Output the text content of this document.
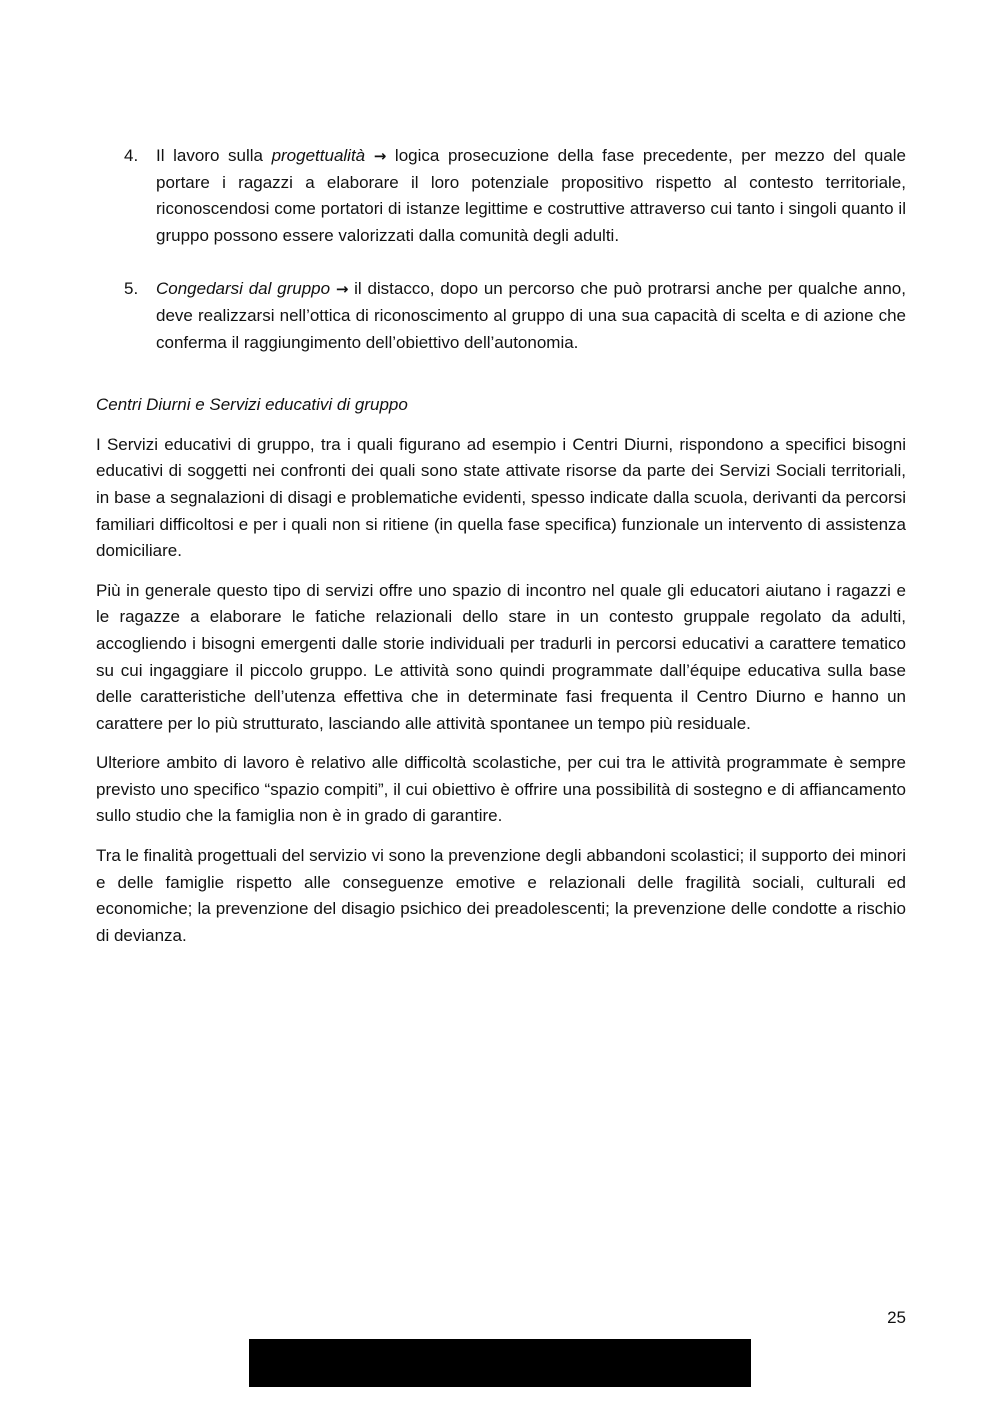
4. Il lavoro sulla progettualità → logica prosecuzione della fase precedente, per mezzo del quale portare i ragazzi a elaborare il loro potenziale propositivo rispetto al contesto territoriale, riconoscendosi come portatori di istanze legittime e costruttive attraverso cui tanto i singoli quanto il gruppo possono essere valorizzati dalla comunità degli adulti.
5. Congedarsi dal gruppo → il distacco, dopo un percorso che può protrarsi anche per qualche anno, deve realizzarsi nell’ottica di riconoscimento al gruppo di una sua capacità di scelta e di azione che conferma il raggiungimento dell’obiettivo dell’autonomia.
Centri Diurni e Servizi educativi di gruppo

I Servizi educativi di gruppo, tra i quali figurano ad esempio i Centri Diurni, rispondono a specifici bisogni educativi di soggetti nei confronti dei quali sono state attivate risorse da parte dei Servizi Sociali territoriali, in base a segnalazioni di disagi e problematiche evidenti, spesso indicate dalla scuola, derivanti da percorsi familiari difficoltosi e per i quali non si ritiene (in quella fase specifica) funzionale un intervento di assistenza domiciliare.

Più in generale questo tipo di servizi offre uno spazio di incontro nel quale gli educatori aiutano i ragazzi e le ragazze a elaborare le fatiche relazionali dello stare in un contesto gruppale regolato da adulti, accogliendo i bisogni emergenti dalle storie individuali per tradurli in percorsi educativi a carattere tematico su cui ingaggiare il piccolo gruppo. Le attività sono quindi programmate dall’équipe educativa sulla base delle caratteristiche dell’utenza effettiva che in determinate fasi frequenta il Centro Diurno e hanno un carattere per lo più strutturato, lasciando alle attività spontanee un tempo più residuale.

Ulteriore ambito di lavoro è relativo alle difficoltà scolastiche, per cui tra le attività programmate è sempre previsto uno specifico “spazio compiti”, il cui obiettivo è offrire una possibilità di sostegno e di affiancamento sullo studio che la famiglia non è in grado di garantire.

Tra le finalità progettuali del servizio vi sono la prevenzione degli abbandoni scolastici; il supporto dei minori e delle famiglie rispetto alle conseguenze emotive e relazionali delle fragilità sociali, culturali ed economiche; la prevenzione del disagio psichico dei preadolescenti; la prevenzione delle condotte a rischio di devianza.

25
